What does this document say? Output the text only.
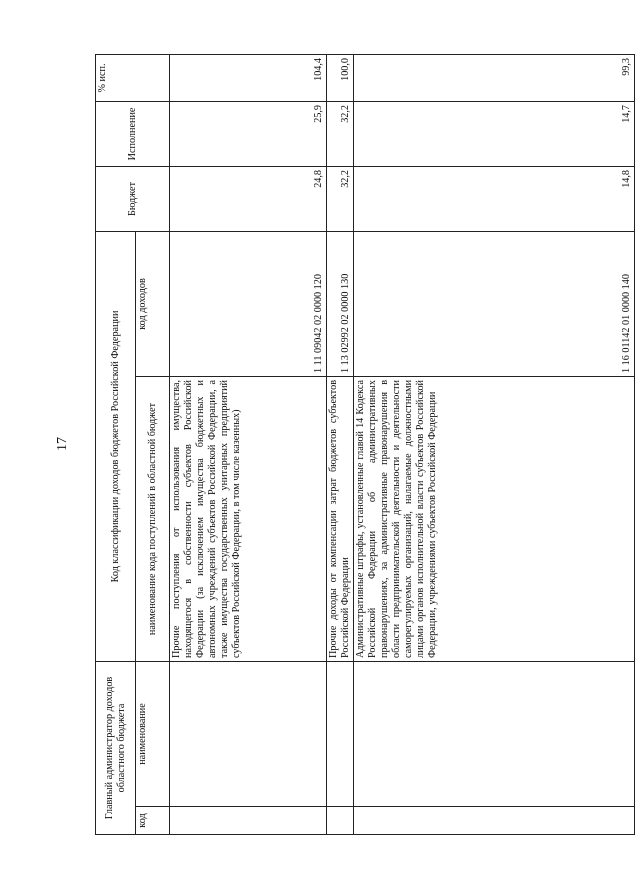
17
Главный администратор доходов областного бюджета		Код классификации доходов бюджетов Российской Федерации		Бюджет	Исполнение	% исп.
код	наименование	наименование кода поступлений в областной бюджет	код доходов			
		Прочие поступления от использования имущества, находящегося в собственности субъектов Российской Федерации (за исключением имущества бюджетных и автономных учреждений субъектов Российской Федерации, а также имущества государственных унитарных предприятий субъектов Российской Федерации, в том числе казенных)	1 11 09042 02 0000 120	24,8	25,9	104,4
		Прочие доходы от компенсации затрат бюджетов субъектов Российской Федерации	1 13 02992 02 0000 130	32,2	32,2	100,0
		Административные штрафы, установленные главой 14 Кодекса Российской Федерации об административных правонарушениях, за административные правонарушения в области предпринимательской деятельности и деятельности саморегулируемых организаций, налагаемые должностными лицами органов исполнительной власти субъектов Российской Федерации, учреждениями субъектов Российской Федерации	1 16 01142 01 0000 140	14,8	14,7	99,3
